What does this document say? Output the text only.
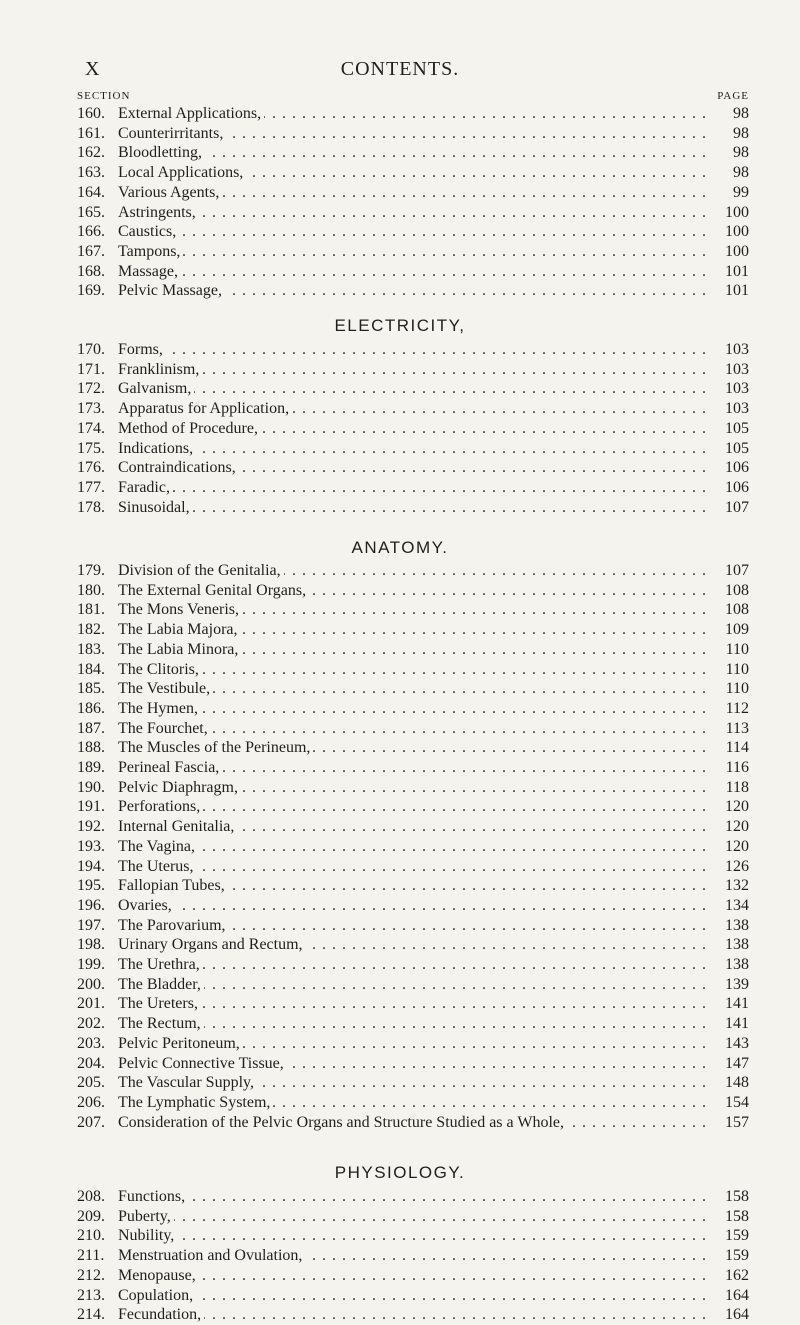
X	CONTENTS.
SECTION	PAGE
160. External Applications, . . .	98
161. Counterirritants, . . .	98
162. Bloodletting, . . .	98
163. Local Applications, . . .	98
164. Various Agents, . . .	99
165. Astringents, . . .	100
166. Caustics, . . .	100
167. Tampons, . . .	100
168. Massage, . . .	101
169. Pelvic Massage, . . .	101
ELECTRICITY,
170. Forms, . . .	103
171. Franklinism, . . .	103
172. Galvanism, . . .	103
173. Apparatus for Application, . . .	103
174. Method of Procedure, . . .	105
175. Indications, . . .	105
176. Contraindications, . . .	106
177. Faradic, . . .	106
178. Sinusoidal, . . .	107
ANATOMY.
179. Division of the Genitalia, . . .	107
180. The External Genital Organs, . . .	108
181. The Mons Veneris, . . .	108
182. The Labia Majora, . . .	109
183. The Labia Minora, . . .	110
184. The Clitoris, . . .	110
185. The Vestibule, . . .	110
186. The Hymen, . . .	112
187. The Fourchet, . . .	113
188. The Muscles of the Perineum, . . .	114
189. Perineal Fascia, . . .	116
190. Pelvic Diaphragm, . . .	118
191. Perforations, . . .	120
192. Internal Genitalia, . . .	120
193. The Vagina, . . .	120
194. The Uterus, . . .	126
195. Fallopian Tubes, . . .	132
196. Ovaries, . . .	134
197. The Parovarium, . . .	138
198. Urinary Organs and Rectum, . . .	138
199. The Urethra, . . .	138
200. The Bladder, . . .	139
201. The Ureters, . . .	141
202. The Rectum, . . .	141
203. Pelvic Peritoneum, . . .	143
204. Pelvic Connective Tissue, . . .	147
205. The Vascular Supply, . . .	148
206. The Lymphatic System, . . .	154
207. Consideration of the Pelvic Organs and Structure Studied as a Whole, . . .	157
PHYSIOLOGY.
208. Functions, . . .	158
209. Puberty, . . .	158
210. Nubility, . . .	159
211. Menstruation and Ovulation, . . .	159
212. Menopause, . . .	162
213. Copulation, . . .	164
214. Fecundation, . . .	164
